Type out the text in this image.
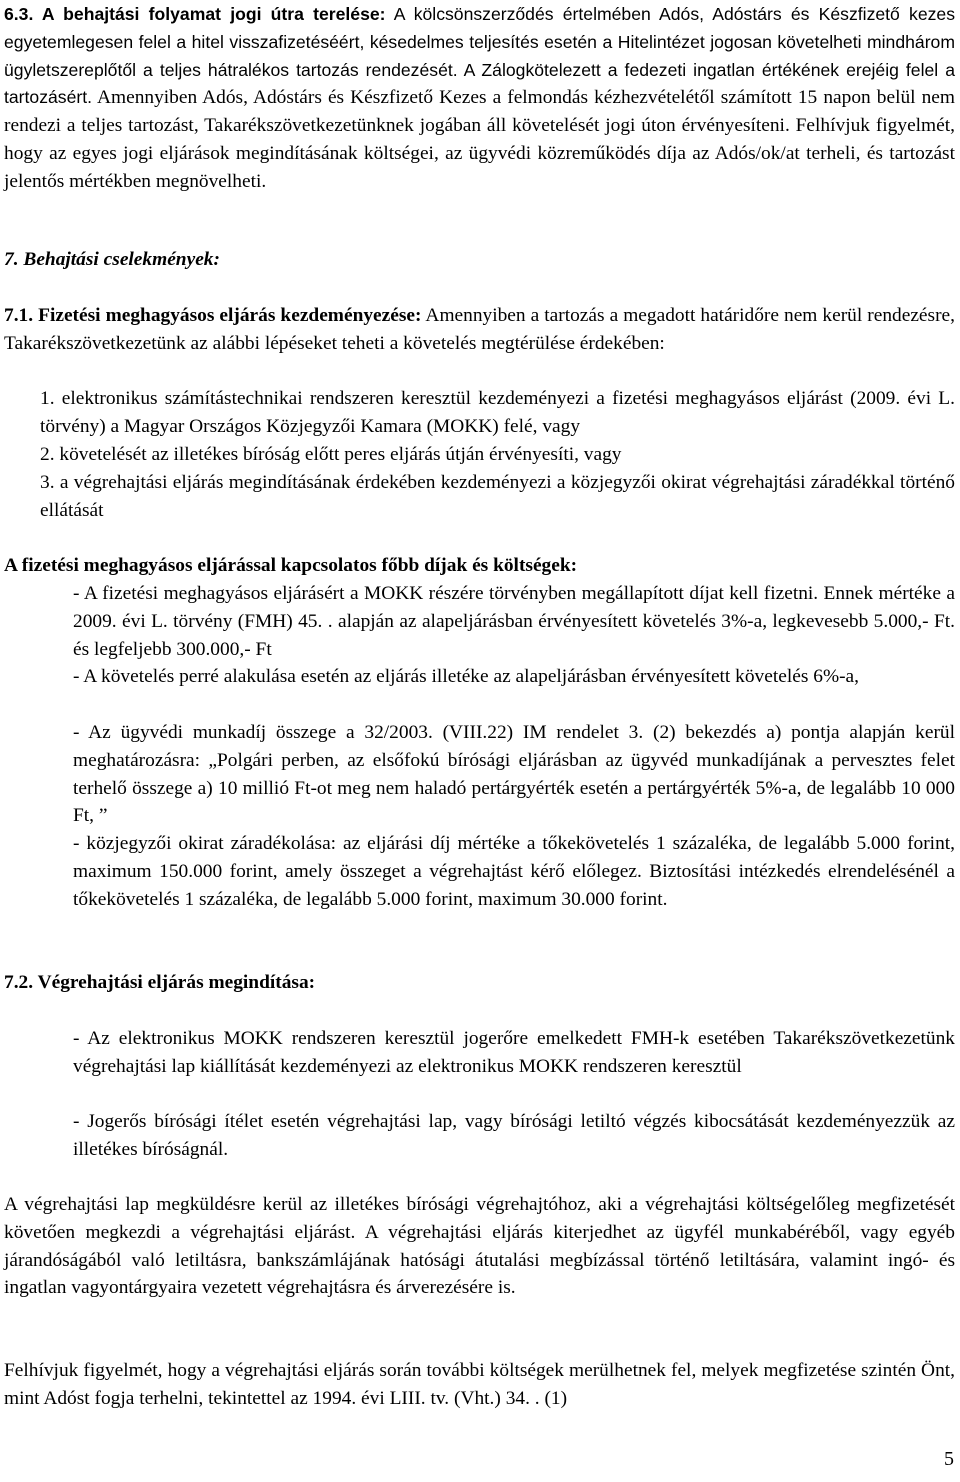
6.3. A behajtási folyamat jogi útra terelése: A kölcsönszerződés értelmében Adós, Adóstárs és Készfizető kezes egyetemlegesen felel a hitel visszafizetéséért, késedelmes teljesítés esetén a Hitelintézet jogosan követelheti mindhárom ügyletszereplőtől a teljes hátralékos tartozás rendezését. A Zálogkötelezett a fedezeti ingatlan értékének erejéig felel a tartozásért. Amennyiben Adós, Adóstárs és Készfizető Kezes a felmondás kézhezvételétől számított 15 napon belül nem rendezi a teljes tartozást, Takarékszövetkezetünknek jogában áll követelését jogi úton érvényesíteni. Felhívjuk figyelmét, hogy az egyes jogi eljárások megindításának költségei, az ügyvédi közreműködés díja az Adós/ok/at terheli, és tartozást jelentős mértékben megnövelheti.

7. Behajtási cselekmények:

7.1. Fizetési meghagyásos eljárás kezdeményezése: Amennyiben a tartozás a megadott határidőre nem kerül rendezésre, Takarékszövetkezetünk az alábbi lépéseket teheti a követelés megtérülése érdekében:

1. elektronikus számítástechnikai rendszeren keresztül kezdeményezi a fizetési meghagyásos eljárást (2009. évi L. törvény) a Magyar Országos Közjegyzői Kamara (MOKK) felé, vagy

2. követelését az illetékes bíróság előtt peres eljárás útján érvényesíti, vagy

3. a végrehajtási eljárás megindításának érdekében kezdeményezi a közjegyzői okirat végrehajtási záradékkal történő ellátását

A fizetési meghagyásos eljárással kapcsolatos főbb díjak és költségek:

- A fizetési meghagyásos eljárásért a MOKK részére törvényben megállapított díjat kell fizetni. Ennek mértéke a 2009. évi L. törvény (FMH) 45. . alapján az alapeljárásban érvényesített követelés 3%-a, legkevesebb 5.000,- Ft. és legfeljebb 300.000,- Ft

- A követelés perré alakulása esetén az eljárás illetéke az alapeljárásban érvényesített követelés 6%-a,

- Az ügyvédi munkadíj összege a 32/2003. (VIII.22) IM rendelet 3. (2) bekezdés a) pontja alapján kerül meghatározásra: „Polgári perben, az elsőfokú bírósági eljárásban az ügyvéd munkadíjának a pervesztes felet terhelő összege a) 10 millió Ft-ot meg nem haladó pertárgyérték esetén a pertárgyérték 5%-a, de legalább 10 000 Ft, ”

- közjegyzői okirat záradékolása: az eljárási díj mértéke a tőkekövetelés 1 százaléka, de legalább 5.000 forint, maximum 150.000 forint, amely összeget a végrehajtást kérő előlegez. Biztosítási intézkedés elrendelésénél a tőkekövetelés 1 százaléka, de legalább 5.000 forint, maximum 30.000 forint.

7.2. Végrehajtási eljárás megindítása:

- Az elektronikus MOKK rendszeren keresztül jogerőre emelkedett FMH-k esetében Takarékszövetkezetünk végrehajtási lap kiállítását kezdeményezi az elektronikus MOKK rendszeren keresztül

- Jogerős bírósági ítélet esetén végrehajtási lap, vagy bírósági letiltó végzés kibocsátását kezdeményezzük az illetékes bíróságnál.

A végrehajtási lap megküldésre kerül az illetékes bírósági végrehajtóhoz, aki a végrehajtási költségelőleg megfizetését követően megkezdi a végrehajtási eljárást. A végrehajtási eljárás kiterjedhet az ügyfél munkabéréből, vagy egyéb járandóságából való letiltásra, bankszámlájának hatósági átutalási megbízással történő letiltására, valamint ingó- és ingatlan vagyontárgyaira vezetett végrehajtásra és árverezésére is.

Felhívjuk figyelmét, hogy a végrehajtási eljárás során további költségek merülhetnek fel, melyek megfizetése szintén Önt, mint Adóst fogja terhelni, tekintettel az 1994. évi LIII. tv. (Vht.) 34. . (1)

5
